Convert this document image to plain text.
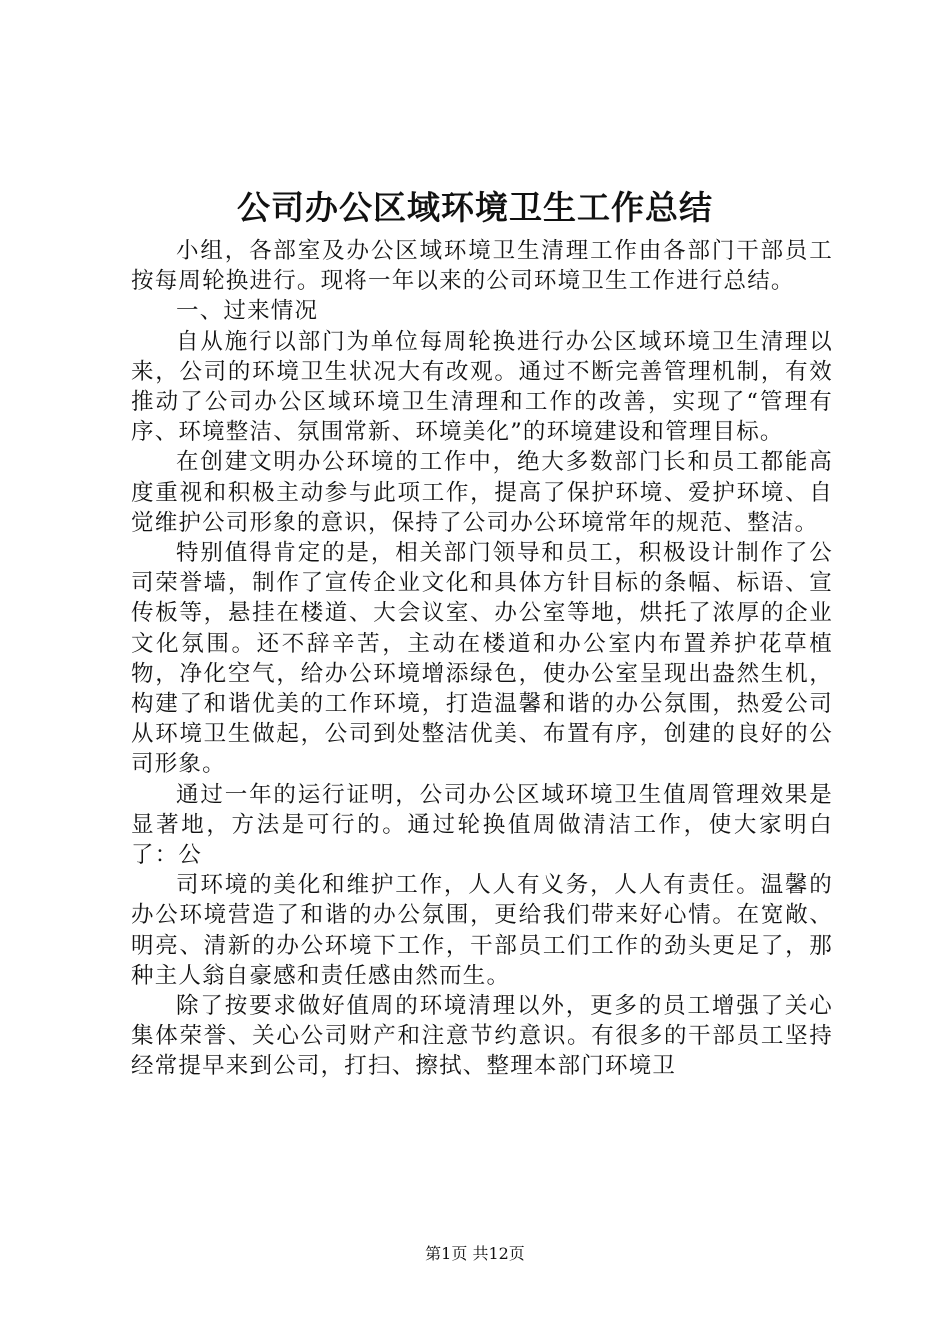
公司办公区域环境卫生工作总结

小组，各部室及办公区域环境卫生清理工作由各部门干部员工按每周轮换进行。现将一年以来的公司环境卫生工作进行总结。

一、过来情况

自从施行以部门为单位每周轮换进行办公区域环境卫生清理以来，公司的环境卫生状况大有改观。通过不断完善管理机制，有效推动了公司办公区域环境卫生清理和工作的改善，实现了“管理有序、环境整洁、氛围常新、环境美化”的环境建设和管理目标。

在创建文明办公环境的工作中，绝大多数部门长和员工都能高度重视和积极主动参与此项工作，提高了保护环境、爱护环境、自觉维护公司形象的意识，保持了公司办公环境常年的规范、整洁。

特别值得肯定的是，相关部门领导和员工，积极设计制作了公司荣誉墙，制作了宣传企业文化和具体方针目标的条幅、标语、宣传板等，悬挂在楼道、大会议室、办公室等地，烘托了浓厚的企业文化氛围。还不辞辛苦，主动在楼道和办公室内布置养护花草植物，净化空气，给办公环境增添绿色，使办公室呈现出盎然生机，构建了和谐优美的工作环境，打造温馨和谐的办公氛围，热爱公司从环境卫生做起，公司到处整洁优美、布置有序，创建的良好的公司形象。

通过一年的运行证明，公司办公区域环境卫生值周管理效果是显著地，方法是可行的。通过轮换值周做清洁工作，使大家明白了：公

司环境的美化和维护工作，人人有义务，人人有责任。温馨的办公环境营造了和谐的办公氛围，更给我们带来好心情。在宽敞、明亮、清新的办公环境下工作，干部员工们工作的劲头更足了，那种主人翁自豪感和责任感由然而生。

除了按要求做好值周的环境清理以外，更多的员工增强了关心集体荣誉、关心公司财产和注意节约意识。有很多的干部员工坚持经常提早来到公司，打扫、擦拭、整理本部门环境卫

第1页 共12页
